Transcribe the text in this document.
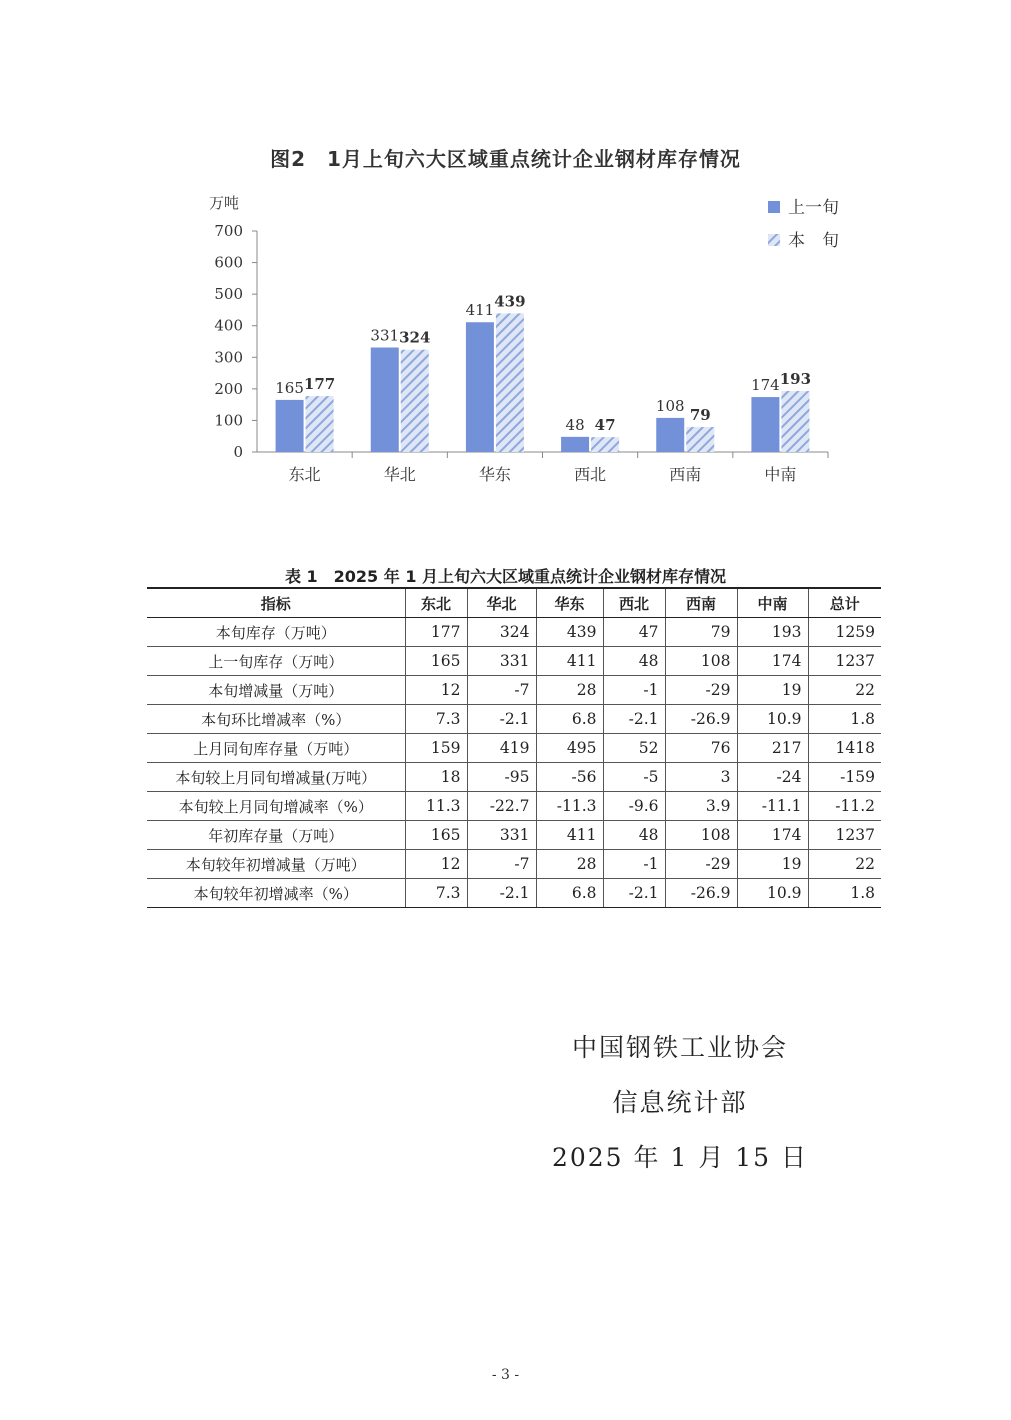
图2　1月上旬六大区域重点统计企业钢材库存情况
万吨
0
100
200
300
400
500
600
700
东北
165 177
华北
331 324
华东
411 439
西北
48 47
西南
108
79
中南
174 193
上一旬
本　旬
表 1　2025 年 1 月上旬六大区域重点统计企业钢材库存情况
指标	东北	华北	华东	西北	西南	中南	总计
本旬库存（万吨）	177	324	439	47	79	193	1259
上一旬库存（万吨）	165	331	411	48	108	174	1237
本旬增减量（万吨）	12	-7	28	-1	-29	19	22
本旬环比增减率（%）	7.3	-2.1	6.8	-2.1	-26.9	10.9	1.8
上月同旬库存量（万吨）	159	419	495	52	76	217	1418
本旬较上月同旬增减量(万吨）	18	-95	-56	-5	3	-24	-159
本旬较上月同旬增减率（%）	11.3	-22.7	-11.3	-9.6	3.9	-11.1	-11.2
年初库存量（万吨）	165	331	411	48	108	174	1237
本旬较年初增减量（万吨）	12	-7	28	-1	-29	19	22
本旬较年初增减率（%）	7.3	-2.1	6.8	-2.1	-26.9	10.9	1.8
中国钢铁工业协会
信息统计部
2025 年 1 月 15 日
- 3 -
